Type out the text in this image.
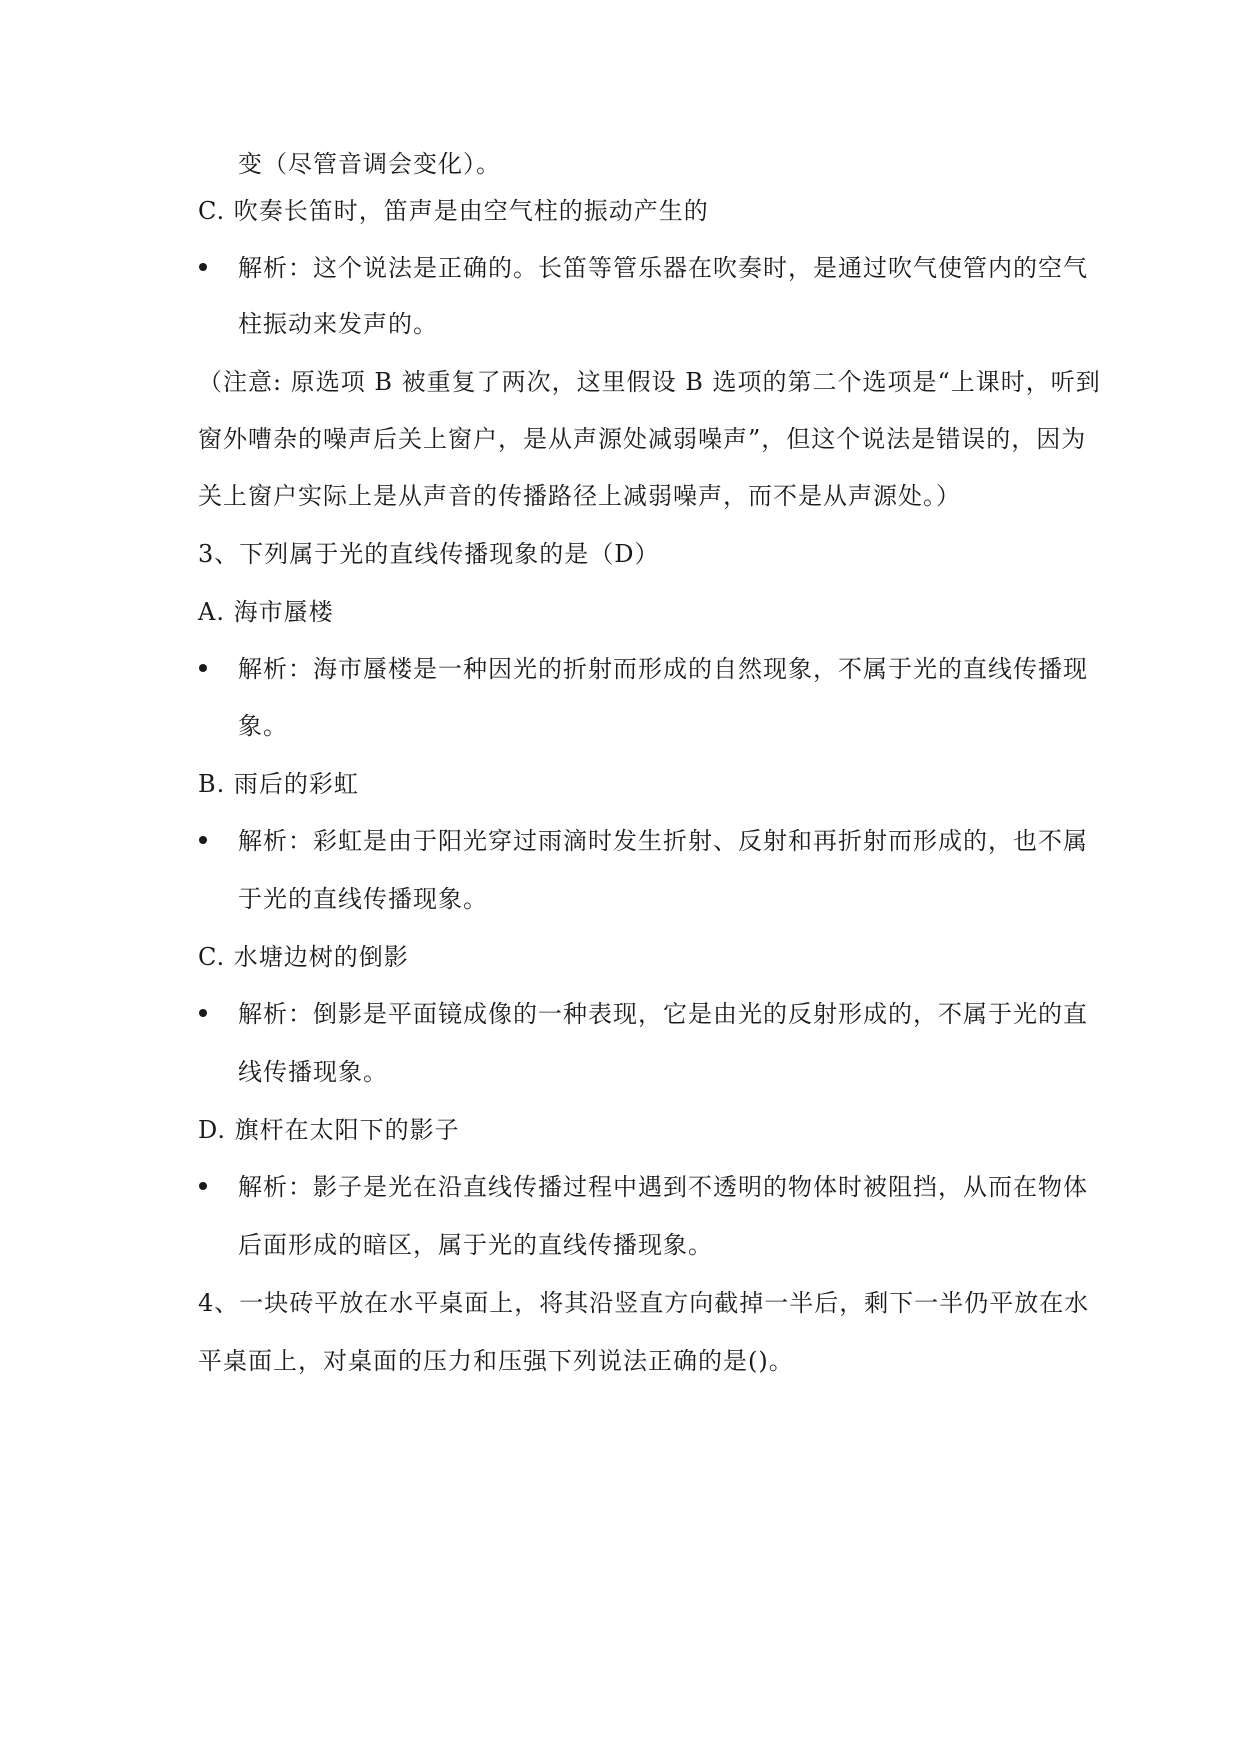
变（尽管音调会变化）。
C. 吹奏长笛时，笛声是由空气柱的振动产生的
解析：这个说法是正确的。长笛等管乐器在吹奏时，是通过吹气使管内的空气
柱振动来发声的。
（注意: 原选项 B 被重复了两次，这里假设 B 选项的第二个选项是“上课时，听到
窗外嘈杂的噪声后关上窗户，是从声源处减弱噪声”，但这个说法是错误的，因为
关上窗户实际上是从声音的传播路径上减弱噪声，而不是从声源处。）
3、下列属于光的直线传播现象的是（D）
A. 海市蜃楼
解析：海市蜃楼是一种因光的折射而形成的自然现象，不属于光的直线传播现
象。
B. 雨后的彩虹
解析：彩虹是由于阳光穿过雨滴时发生折射、反射和再折射而形成的，也不属
于光的直线传播现象。
C. 水塘边树的倒影
解析：倒影是平面镜成像的一种表现，它是由光的反射形成的，不属于光的直
线传播现象。
D. 旗杆在太阳下的影子
解析：影子是光在沿直线传播过程中遇到不透明的物体时被阻挡，从而在物体
后面形成的暗区，属于光的直线传播现象。
4、一块砖平放在水平桌面上，将其沿竖直方向截掉一半后，剩下一半仍平放在水
平桌面上，对桌面的压力和压强下列说法正确的是()。
